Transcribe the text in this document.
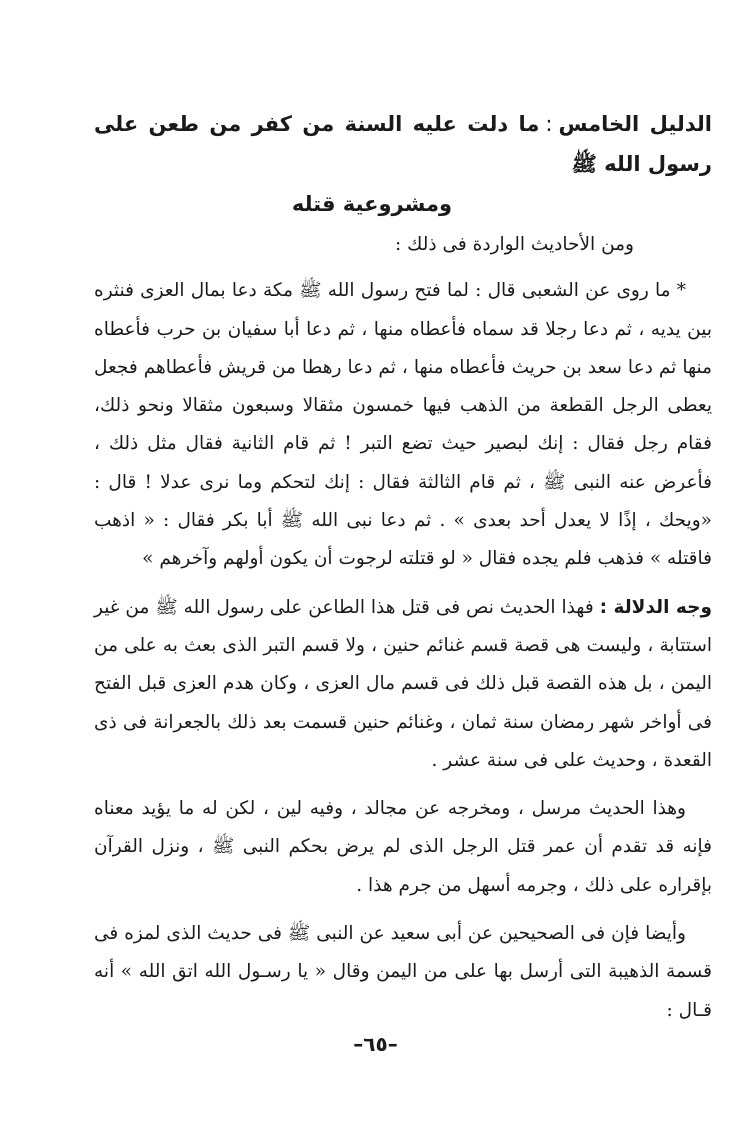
الدليل الخامس:ما دلت عليه السنة من كفر من طعن على رسول الله ﷺ
ومشروعية قتله

ومن الأحاديث الواردة فى ذلك :

* ما روى عن الشعبى قال : لما فتح رسول الله ﷺ مكة دعا بمال العزى فنثره بين يديه ، ثم دعا رجلا قد سماه فأعطاه منها ، ثم دعا أبا سفيان بن حرب فأعطاه منها ثم دعا سعد بن حريث فأعطاه منها ، ثم دعا رهطا من قريش فأعطاهم فجعل يعطى الرجل القطعة من الذهب فيها خمسون مثقالا وسبعون مثقالا ونحو ذلك، فقام رجل فقال : إنك لبصير حيث تضع التبر ! ثم قام الثانية فقال مثل ذلك ، فأعرض عنه النبى ﷺ ، ثم قام الثالثة فقال : إنك لتحكم وما نرى عدلا ! قال : «ويحك ، إذًا لا يعدل أحد بعدى » . ثم دعا نبى الله ﷺ أبا بكر فقال : « اذهب فاقتله » فذهب فلم يجده فقال « لو قتلته لرجوت أن يكون أولهم وآخرهم »

وجه الدلالة : فهذا الحديث نص فى قتل هذا الطاعن على رسول الله ﷺ من غير استتابة ، وليست هى قصة قسم غنائم حنين ، ولا قسم التبر الذى بعث به على من اليمن ، بل هذه القصة قبل ذلك فى قسم مال العزى ، وكان هدم العزى قبل الفتح فى أواخر شهر رمضان سنة ثمان ، وغنائم حنين قسمت بعد ذلك بالجعرانة فى ذى القعدة ، وحديث على فى سنة عشر .

وهذا الحديث مرسل ، ومخرجه عن مجالد ، وفيه لين ، لكن له ما يؤيد معناه فإنه قد تقدم أن عمر قتل الرجل الذى لم يرض بحكم النبى ﷺ ، ونزل القرآن بإقراره على ذلك ، وجرمه أسهل من جرم هذا .

وأيضا فإن فى الصحيحين عن أبى سعيد عن النبى ﷺ فى حديث الذى لمزه فى قسمة الذهيبة التى أرسل بها على من اليمن وقال « يا رسـول الله اتق الله » أنه قـال :

–٦٥–
